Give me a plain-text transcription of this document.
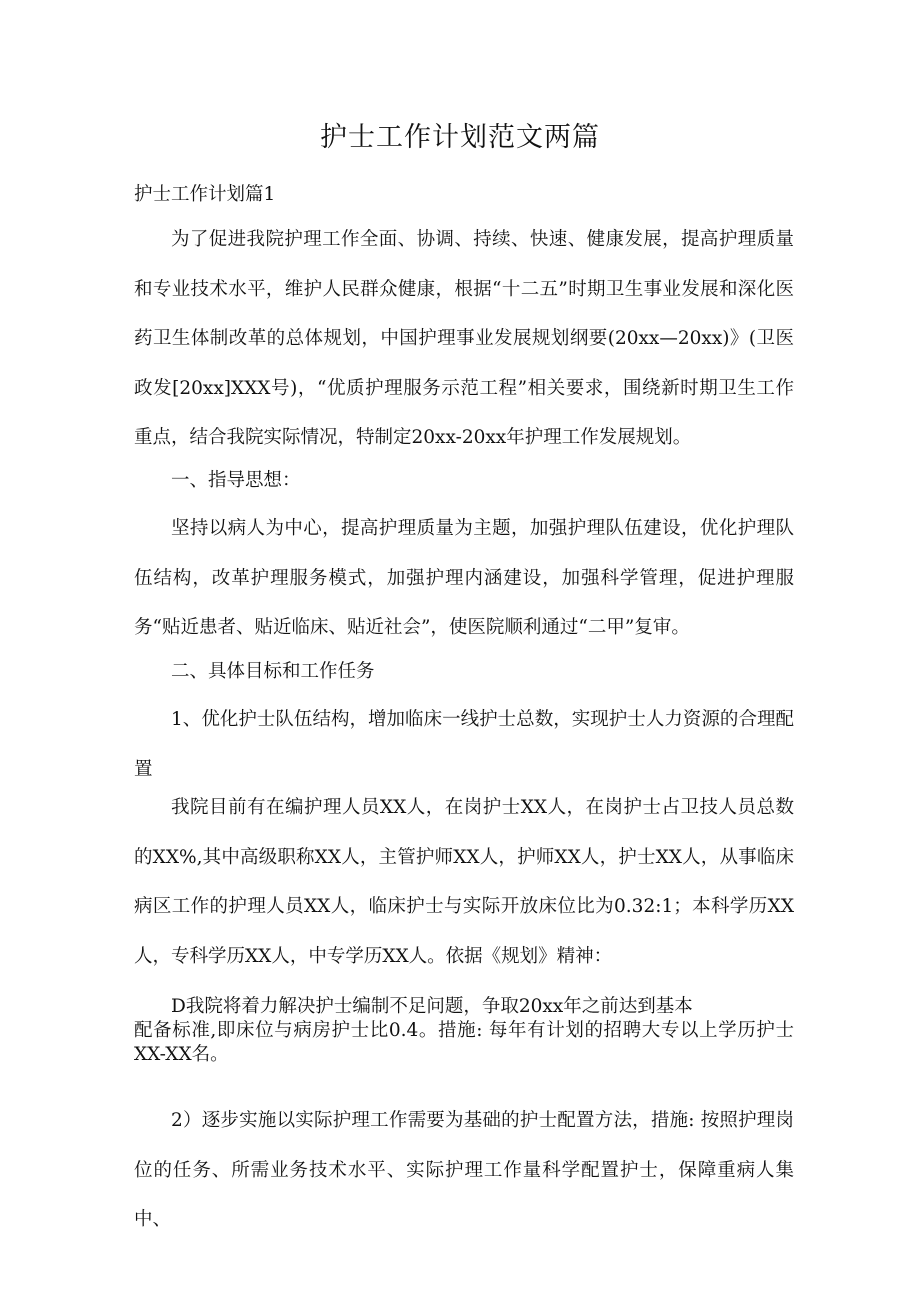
护士工作计划范文两篇

护士工作计划篇1

为了促进我院护理工作全面、协调、持续、快速、健康发展，提高护理质量和专业技术水平，维护人民群众健康，根据“十二五”时期卫生事业发展和深化医药卫生体制改革的总体规划，中国护理事业发展规划纲要(20xx—20xx)》(卫医政发[20xx]XXX号)，“优质护理服务示范工程”相关要求，围绕新时期卫生工作重点，结合我院实际情况，特制定20xx-20xx年护理工作发展规划。

一、指导思想：

坚持以病人为中心，提高护理质量为主题，加强护理队伍建设，优化护理队伍结构，改革护理服务模式，加强护理内涵建设，加强科学管理，促进护理服务“贴近患者、贴近临床、贴近社会”，使医院顺利通过“二甲”复审。

二、具体目标和工作任务

1、优化护士队伍结构，增加临床一线护士总数，实现护士人力资源的合理配置

我院目前有在编护理人员XX人，在岗护士XX人，在岗护士占卫技人员总数的XX%,其中高级职称XX人，主管护师XX人，护师XX人，护士XX人，从事临床病区工作的护理人员XX人，临床护士与实际开放床位比为0.32:1；本科学历XX人，专科学历XX人，中专学历XX人。依据《规划》精神：

D我院将着力解决护士编制不足问题，争取20xx年之前达到基本
配备标准,即床位与病房护士比0.4。措施: 每年有计划的招聘大专以上学历护士XX-XX名。

2）逐步实施以实际护理工作需要为基础的护士配置方法，措施: 按照护理岗位的任务、所需业务技术水平、实际护理工作量科学配置护士，保障重病人集中、
